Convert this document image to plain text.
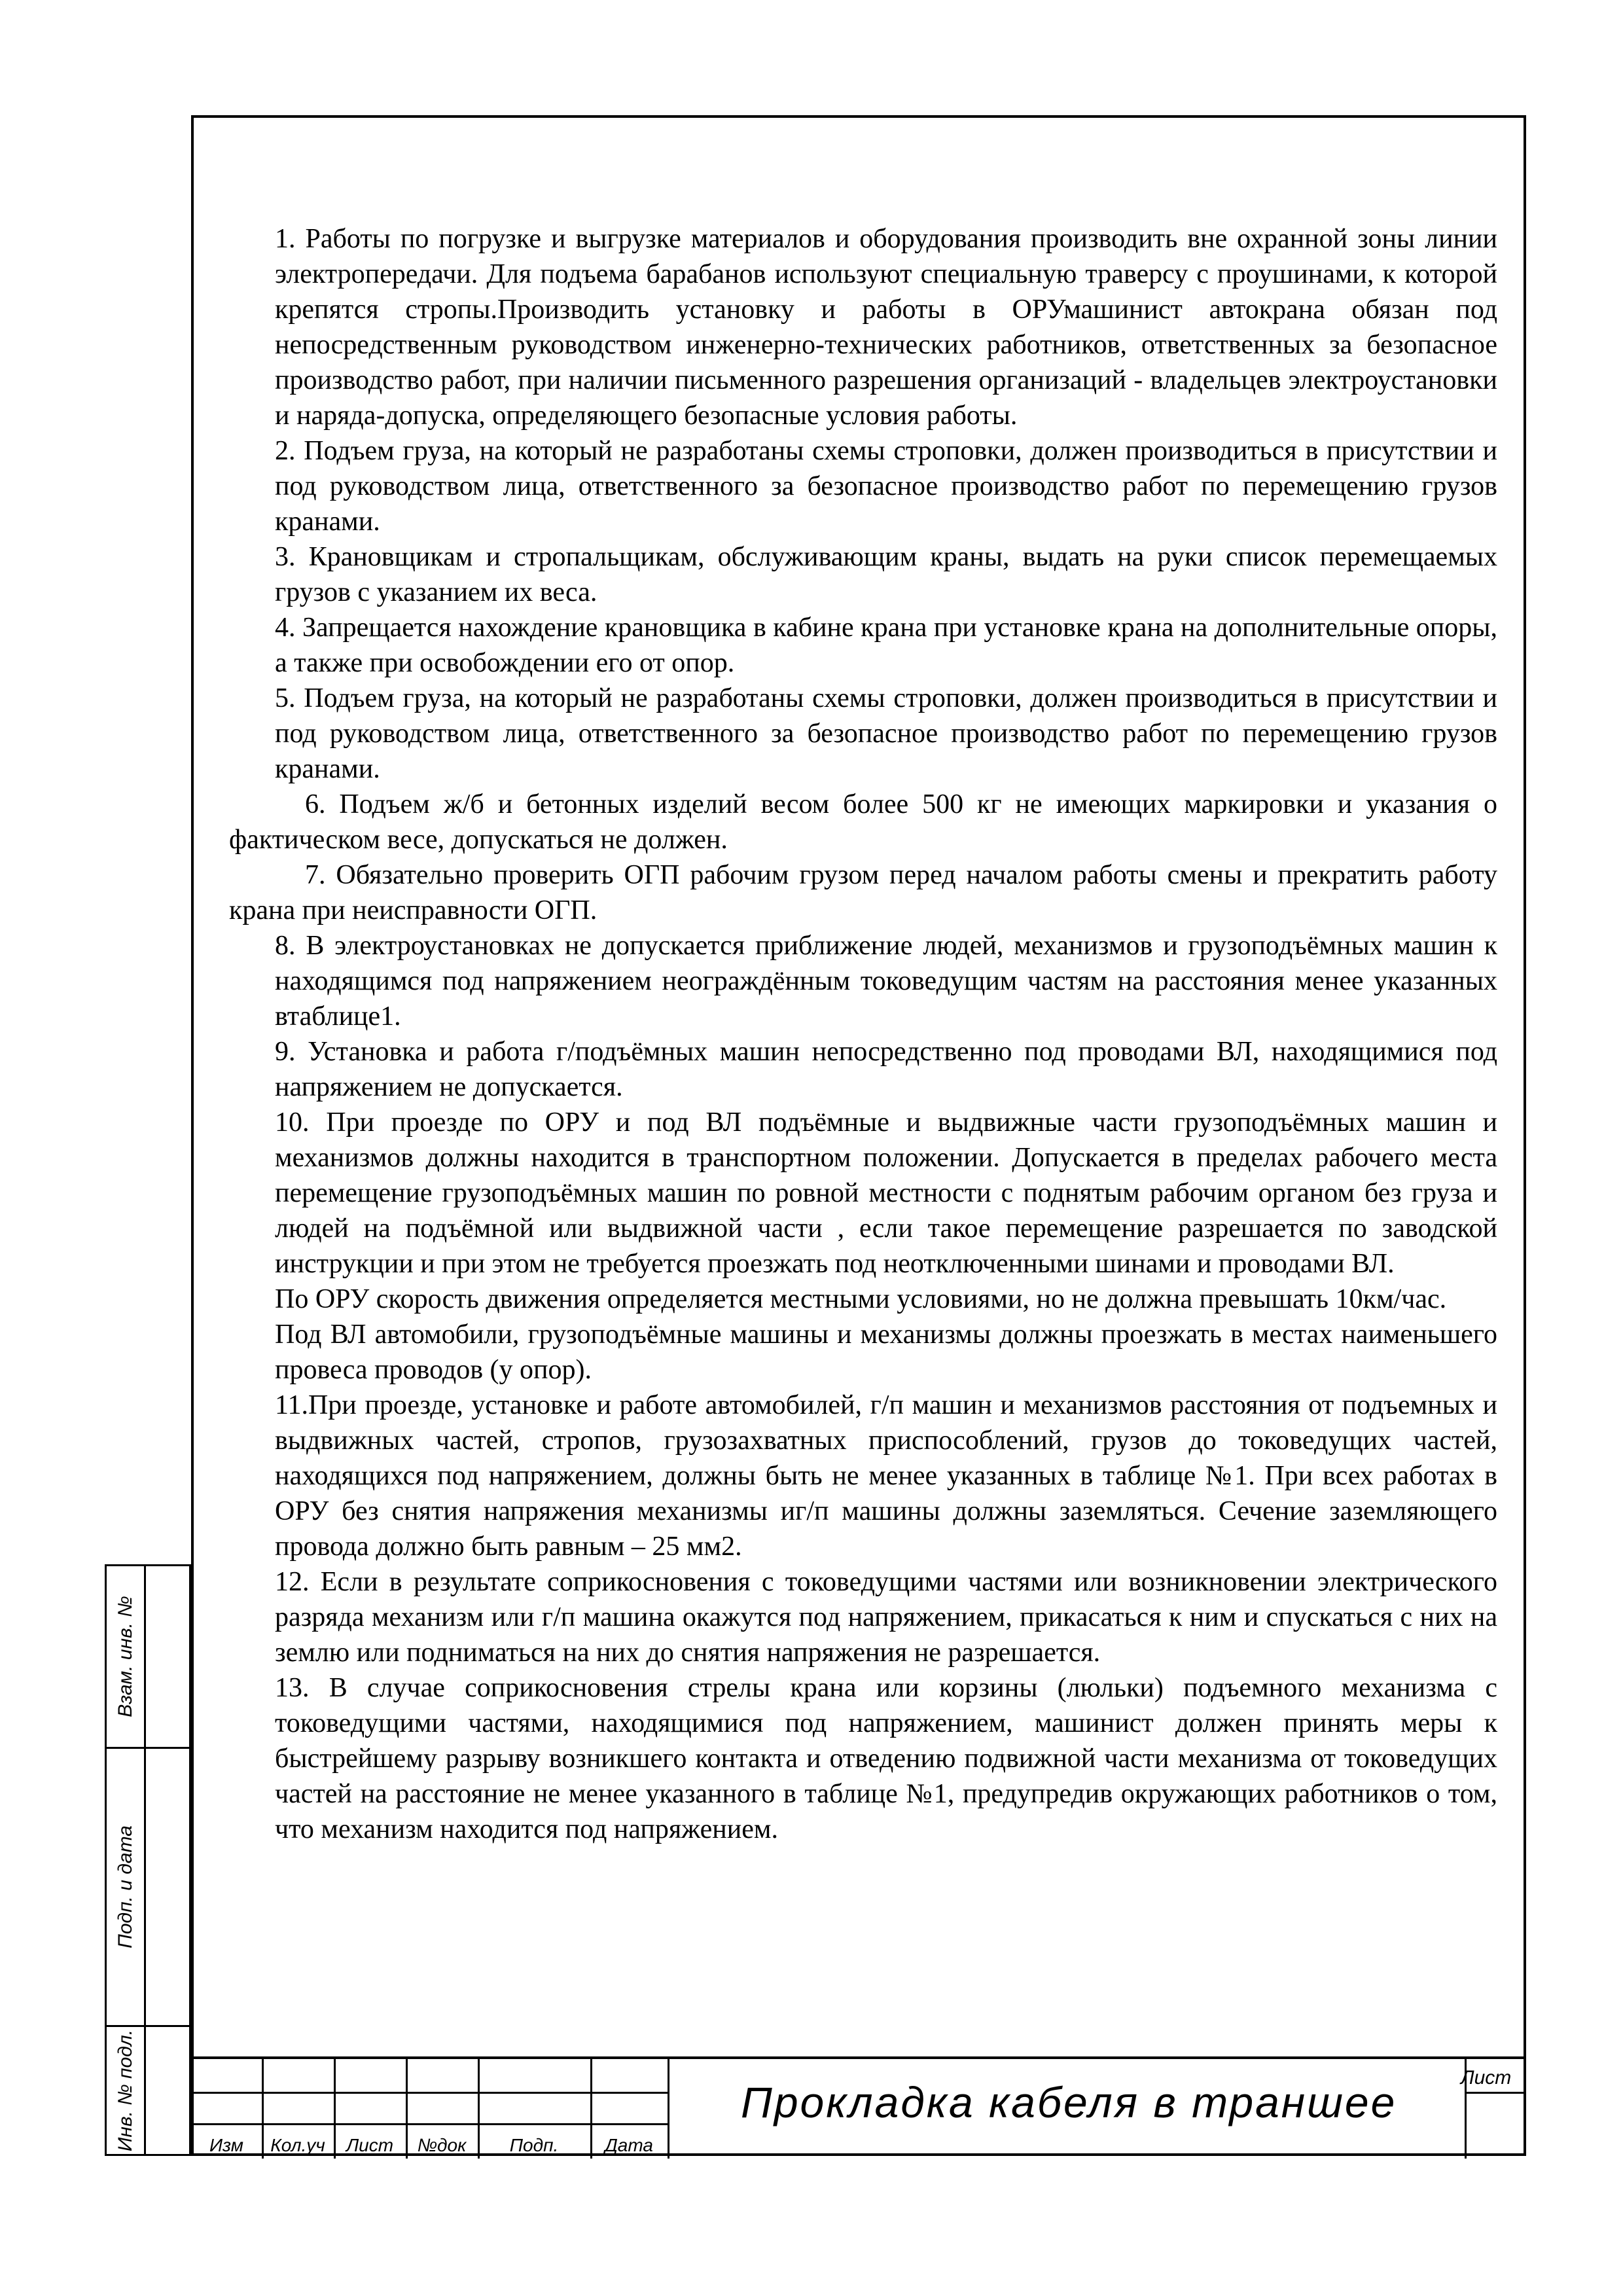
1. Работы по погрузке и выгрузке материалов и оборудования производить вне охранной зоны линии электропередачи. Для подъема барабанов используют специальную траверсу с проушинами, к которой крепятся стропы.Производить установку и работы в ОРУмашинист автокрана обязан под непосредственным руководством инженерно-технических работников, ответственных за безопасное производство работ, при наличии письменного разрешения организаций - владельцев электроустановки и наряда-допуска, определяющего безопасные условия работы.

2. Подъем груза, на который не разработаны схемы строповки, должен производиться в присутствии и под руководством лица, ответственного за безопасное производство работ по перемещению грузов кранами.

3. Крановщикам и стропальщикам, обслуживающим краны, выдать на руки список перемещаемых грузов с указанием их веса.

4. Запрещается нахождение крановщика в кабине крана при установке крана на дополнительные опоры, а также при освобождении его от опор.

5. Подъем груза, на который не разработаны схемы строповки, должен производиться в присутствии и под руководством лица, ответственного за безопасное производство работ по перемещению грузов кранами.

6. Подъем ж/б и бетонных изделий весом более 500 кг не имеющих маркировки и указания о фактическом весе, допускаться не должен.

7. Обязательно проверить ОГП рабочим грузом перед началом работы смены и прекратить работу крана при неисправности ОГП.

8. В электроустановках не допускается приближение людей, механизмов и грузоподъёмных машин к находящимся под напряжением неограждённым токоведущим частям на расстояния менее указанных втаблице1.

9. Установка и работа г/подъёмных машин непосредственно под проводами ВЛ, находящимися под напряжением не допускается.

10. При проезде по ОРУ и под ВЛ подъёмные и выдвижные части грузоподъёмных машин и механизмов должны находится в транспортном положении. Допускается в пределах рабочего места перемещение грузоподъёмных машин по ровной местности с поднятым рабочим органом без груза и людей на подъёмной или выдвижной части , если такое перемещение разрешается по заводской инструкции и при этом не требуется проезжать под неотключенными шинами и проводами ВЛ.

По ОРУ скорость движения определяется местными условиями, но не должна превышать 10км/час.

Под ВЛ автомобили, грузоподъёмные машины и механизмы должны проезжать в местах наименьшего провеса проводов (у опор).

11.При проезде, установке и работе автомобилей, г/п машин и механизмов расстояния от подъемных и выдвижных частей, стропов, грузозахватных приспособлений, грузов до токоведущих частей, находящихся под напряжением, должны быть не менее указанных в таблице №1. При всех работах в ОРУ без снятия напряжения механизмы иг/п машины должны заземляться. Сечение заземляющего провода должно быть равным – 25 мм2.

12. Если в результате соприкосновения с токоведущими частями или возникновении электрического разряда механизм или г/п машина окажутся под напряжением, прикасаться к ним и спускаться с них на землю или подниматься на них до снятия напряжения не разрешается.

13. В случае соприкосновения стрелы крана или корзины (люльки) подъемного механизма с токоведущими частями, находящимися под напряжением, машинист должен принять меры к быстрейшему разрыву возникшего контакта и отведению подвижной части механизма от токоведущих частей на расстояние не менее указанного в таблице №1, предупредив окружающих работников о том, что механизм находится под напряжением.

Взам. инв. №
Подп. и дата
Инв. № подл.	Изм	Кол.уч	Лист	№док	Подп.	Дата
Прокладка кабеля в траншее
Лист
